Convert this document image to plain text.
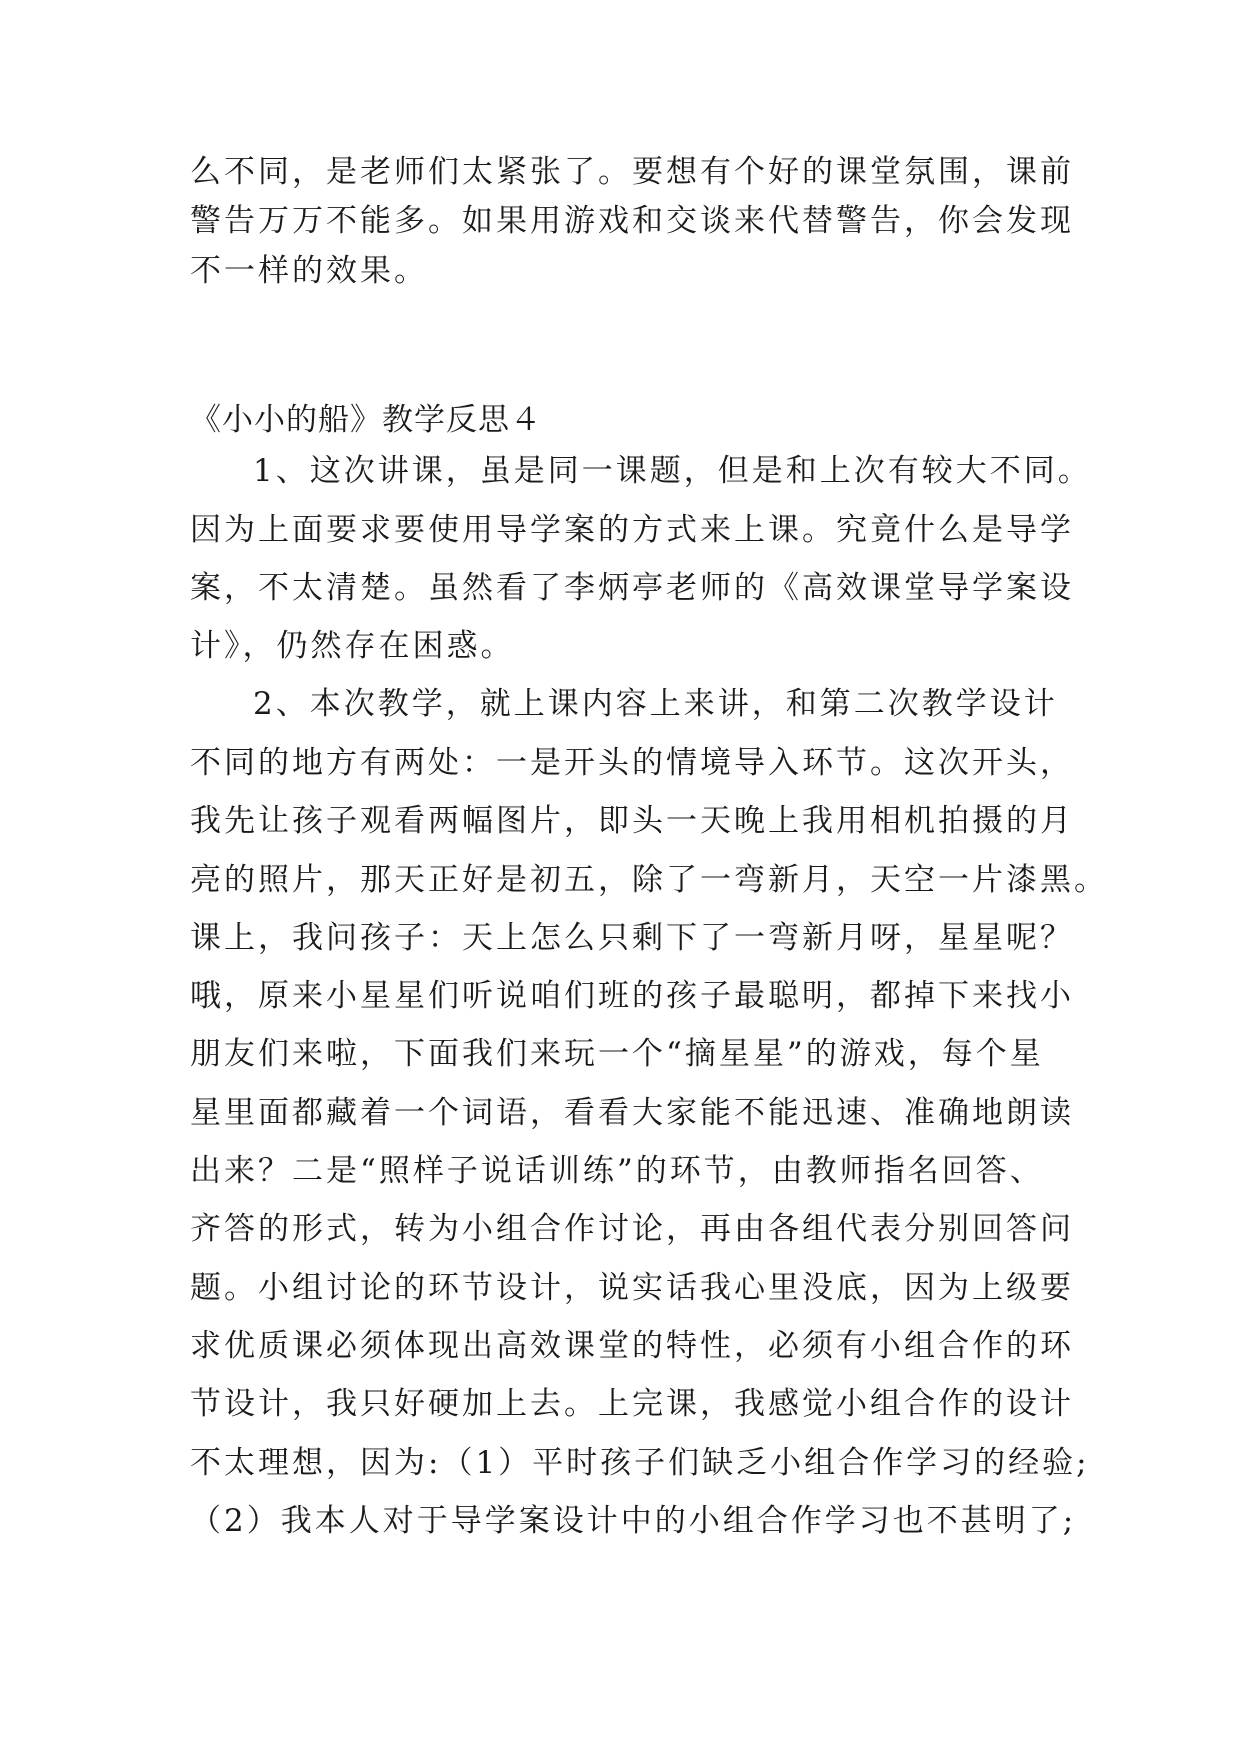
么不同，是老师们太紧张了。要想有个好的课堂氛围，课前
警告万万不能多。如果用游戏和交谈来代替警告，你会发现
不一样的效果。
《小小的船》教学反思４
1、这次讲课，虽是同一课题，但是和上次有较大不同。
因为上面要求要使用导学案的方式来上课。究竟什么是导学
案，不太清楚。虽然看了李炳亭老师的《高效课堂导学案设
计》，仍然存在困惑。
2、本次教学，就上课内容上来讲，和第二次教学设计
不同的地方有两处：一是开头的情境导入环节。这次开头，
我先让孩子观看两幅图片，即头一天晚上我用相机拍摄的月
亮的照片，那天正好是初五，除了一弯新月，天空一片漆黑。
课上，我问孩子：天上怎么只剩下了一弯新月呀，星星呢？
哦，原来小星星们听说咱们班的孩子最聪明，都掉下来找小
朋友们来啦，下面我们来玩一个“摘星星”的游戏，每个星
星里面都藏着一个词语，看看大家能不能迅速、准确地朗读
出来？二是“照样子说话训练”的环节，由教师指名回答、
齐答的形式，转为小组合作讨论，再由各组代表分别回答问
题。小组讨论的环节设计，说实话我心里没底，因为上级要
求优质课必须体现出高效课堂的特性，必须有小组合作的环
节设计，我只好硬加上去。上完课，我感觉小组合作的设计
不太理想，因为:（1）平时孩子们缺乏小组合作学习的经验;
（2）我本人对于导学案设计中的小组合作学习也不甚明了;
